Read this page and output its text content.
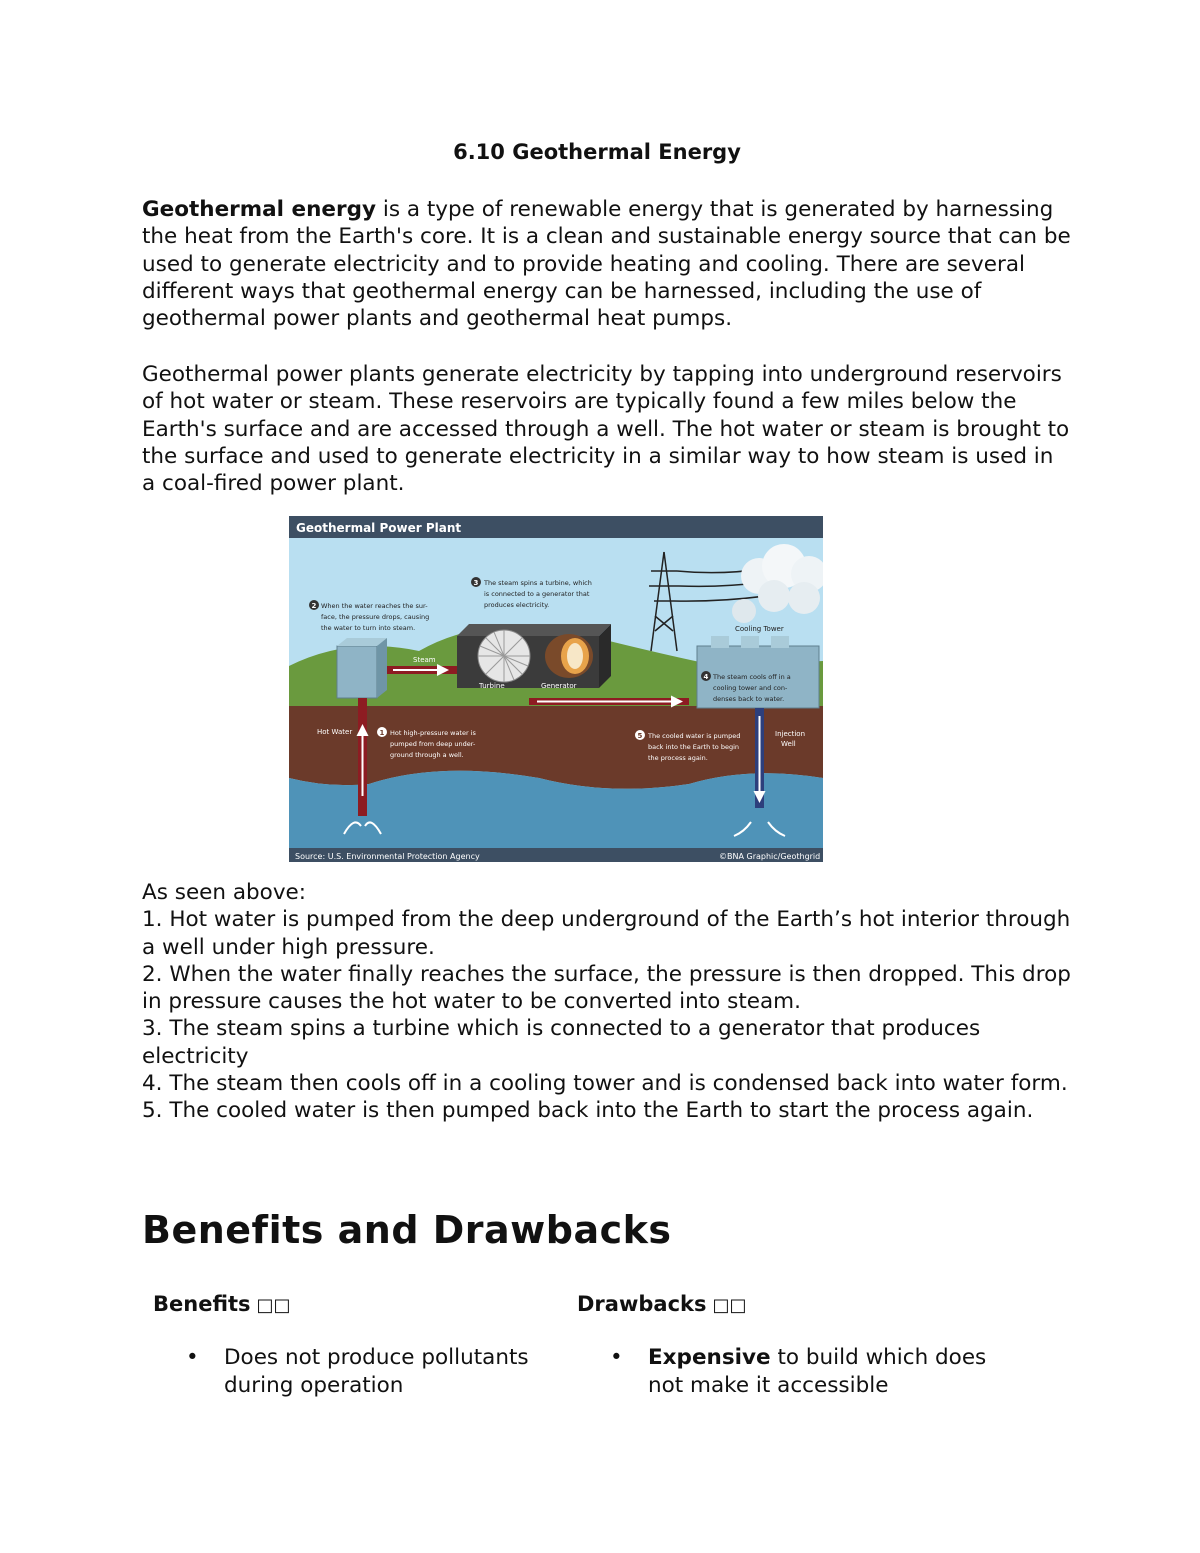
6.10 Geothermal Energy

Geothermal energy is a type of renewable energy that is generated by harnessing the heat from the Earth's core. It is a clean and sustainable energy source that can be used to generate electricity and to provide heating and cooling. There are several different ways that geothermal energy can be harnessed, including the use of geothermal power plants and geothermal heat pumps.

Geothermal power plants generate electricity by tapping into underground reservoirs of hot water or steam. These reservoirs are typically found a few miles below the Earth's surface and are accessed through a well. The hot water or steam is brought to the surface and used to generate electricity in a similar way to how steam is used in a coal-fired power plant.

Geothermal Power Plant
Source: U.S. Environmental Protection Agency	©BNA Graphic/Geothgrid
Steam
Turbine	Generator
Cooling Tower
Injection
Well
Hot Water	1 Hot high-pressure water is
pumped from deep under-
ground through a well.
2 When the water reaches the sur-
face, the pressure drops, causing
the water to turn into steam.
3 The steam spins a turbine, which
is connected to a generator that
produces electricity.
4 The steam cools off in a
cooling tower and con-
denses back to water.
5 The cooled water is pumped
back into the Earth to begin
the process again.
As seen above:
1. Hot water is pumped from the deep underground of the Earth’s hot interior through a well under high pressure.
2. When the water finally reaches the surface, the pressure is then dropped. This drop in pressure causes the hot water to be converted into steam.
3. The steam spins a turbine which is connected to a generator that produces electricity
4. The steam then cools off in a cooling tower and is condensed back into water form.
5. The cooled water is then pumped back into the Earth to start the process again.
Benefits and Drawbacks
Benefits □□
• Does not produce pollutants during operation
Drawbacks □□
• Expensive to build which does not make it accessible
